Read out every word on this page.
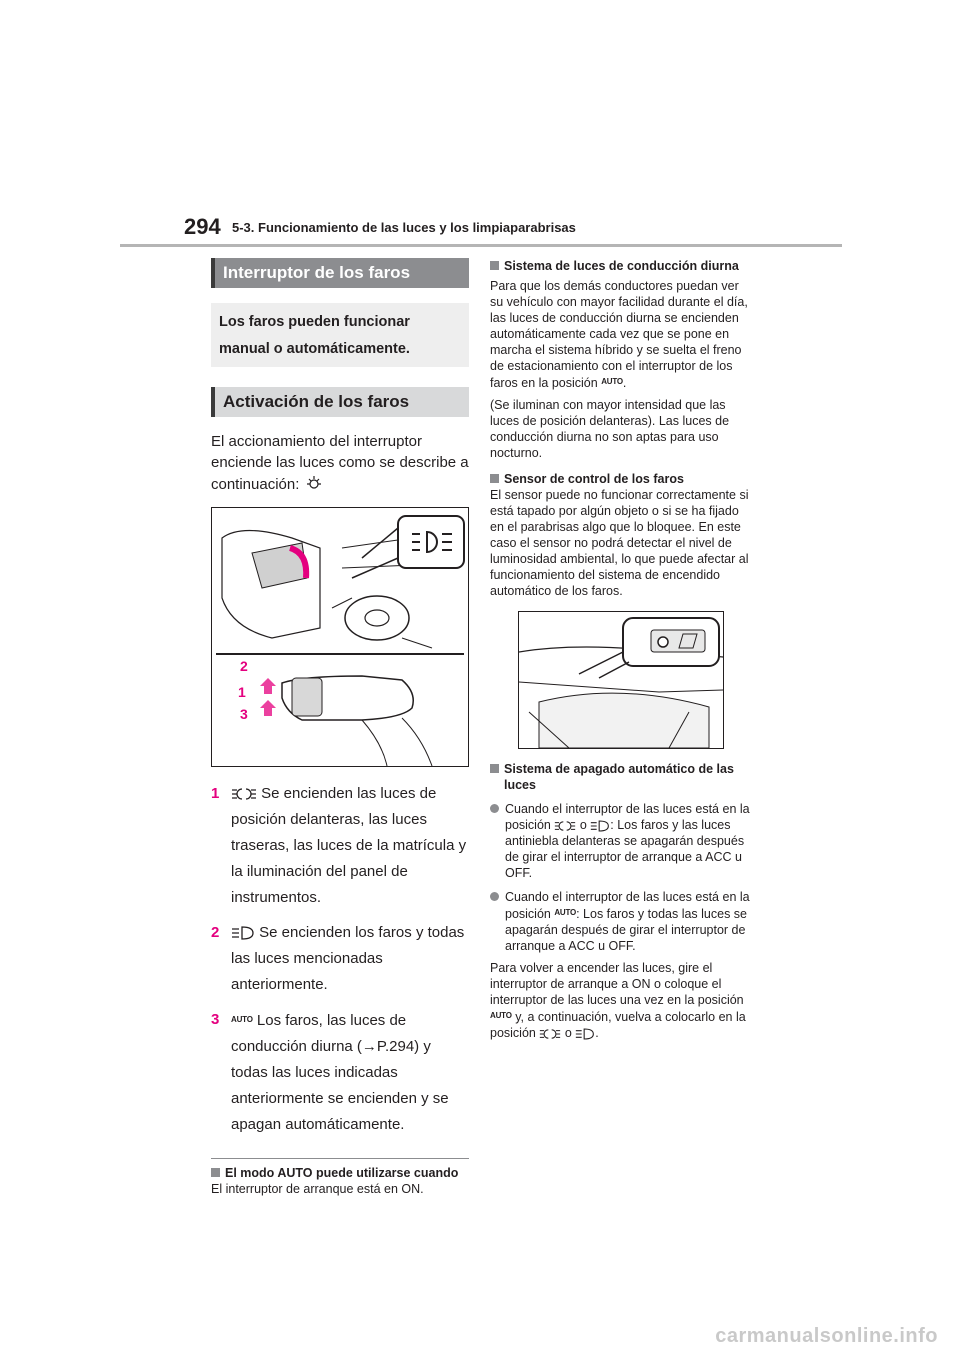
294 5-3. Funcionamiento de las luces y los limpiaparabrisas
Interruptor de los faros
Los faros pueden funcionar manual o automáticamente.
Activación de los faros

El accionamiento del interruptor enciende las luces como se describe a continuación:

2
1
3
1	Se encienden las luces de posición delanteras, las luces traseras, las luces de la matrícula y la iluminación del panel de instrumentos.
2	Se encienden los faros y todas las luces mencionadas anteriormente.
3	$^{AUTO}$ Los faros, las luces de conducción diurna (→P.294) y todas las luces indicadas anteriormente se encienden y se apagan automáticamente.
El modo AUTO puede utilizarse cuando
El interruptor de arranque está en ON.
Sistema de luces de conducción diurna
Para que los demás conductores puedan ver su vehículo con mayor facilidad durante el día, las luces de conducción diurna se encienden automáticamente cada vez que se pone en marcha el sistema híbrido y se suelta el freno de estacionamiento con el interruptor de los faros en la posición $^{AUTO}$.
(Se iluminan con mayor intensidad que las luces de posición delanteras). Las luces de conducción diurna no son aptas para uso nocturno.
Sensor de control de los faros
El sensor puede no funcionar correctamente si está tapado por algún objeto o si se ha fijado en el parabrisas algo que lo bloquee. En este caso el sensor no podrá detectar el nivel de luminosidad ambiental, lo que puede afectar al funcionamiento del sistema de encendido automático de los faros.
Sistema de apagado automático de las luces
Cuando el interruptor de las luces está en la posición o : Los faros y las luces antiniebla delanteras se apagarán después de girar el interruptor de arranque a ACC u OFF.
Cuando el interruptor de las luces está en la posición $^{AUTO}$: Los faros y todas las luces se apagarán después de girar el interruptor de arranque a ACC u OFF.
Para volver a encender las luces, gire el interruptor de arranque a ON o coloque el interruptor de las luces una vez en la posición $^{AUTO}$ y, a continuación, vuelva a colocarlo en la posición o .
carmanualsonline.info
